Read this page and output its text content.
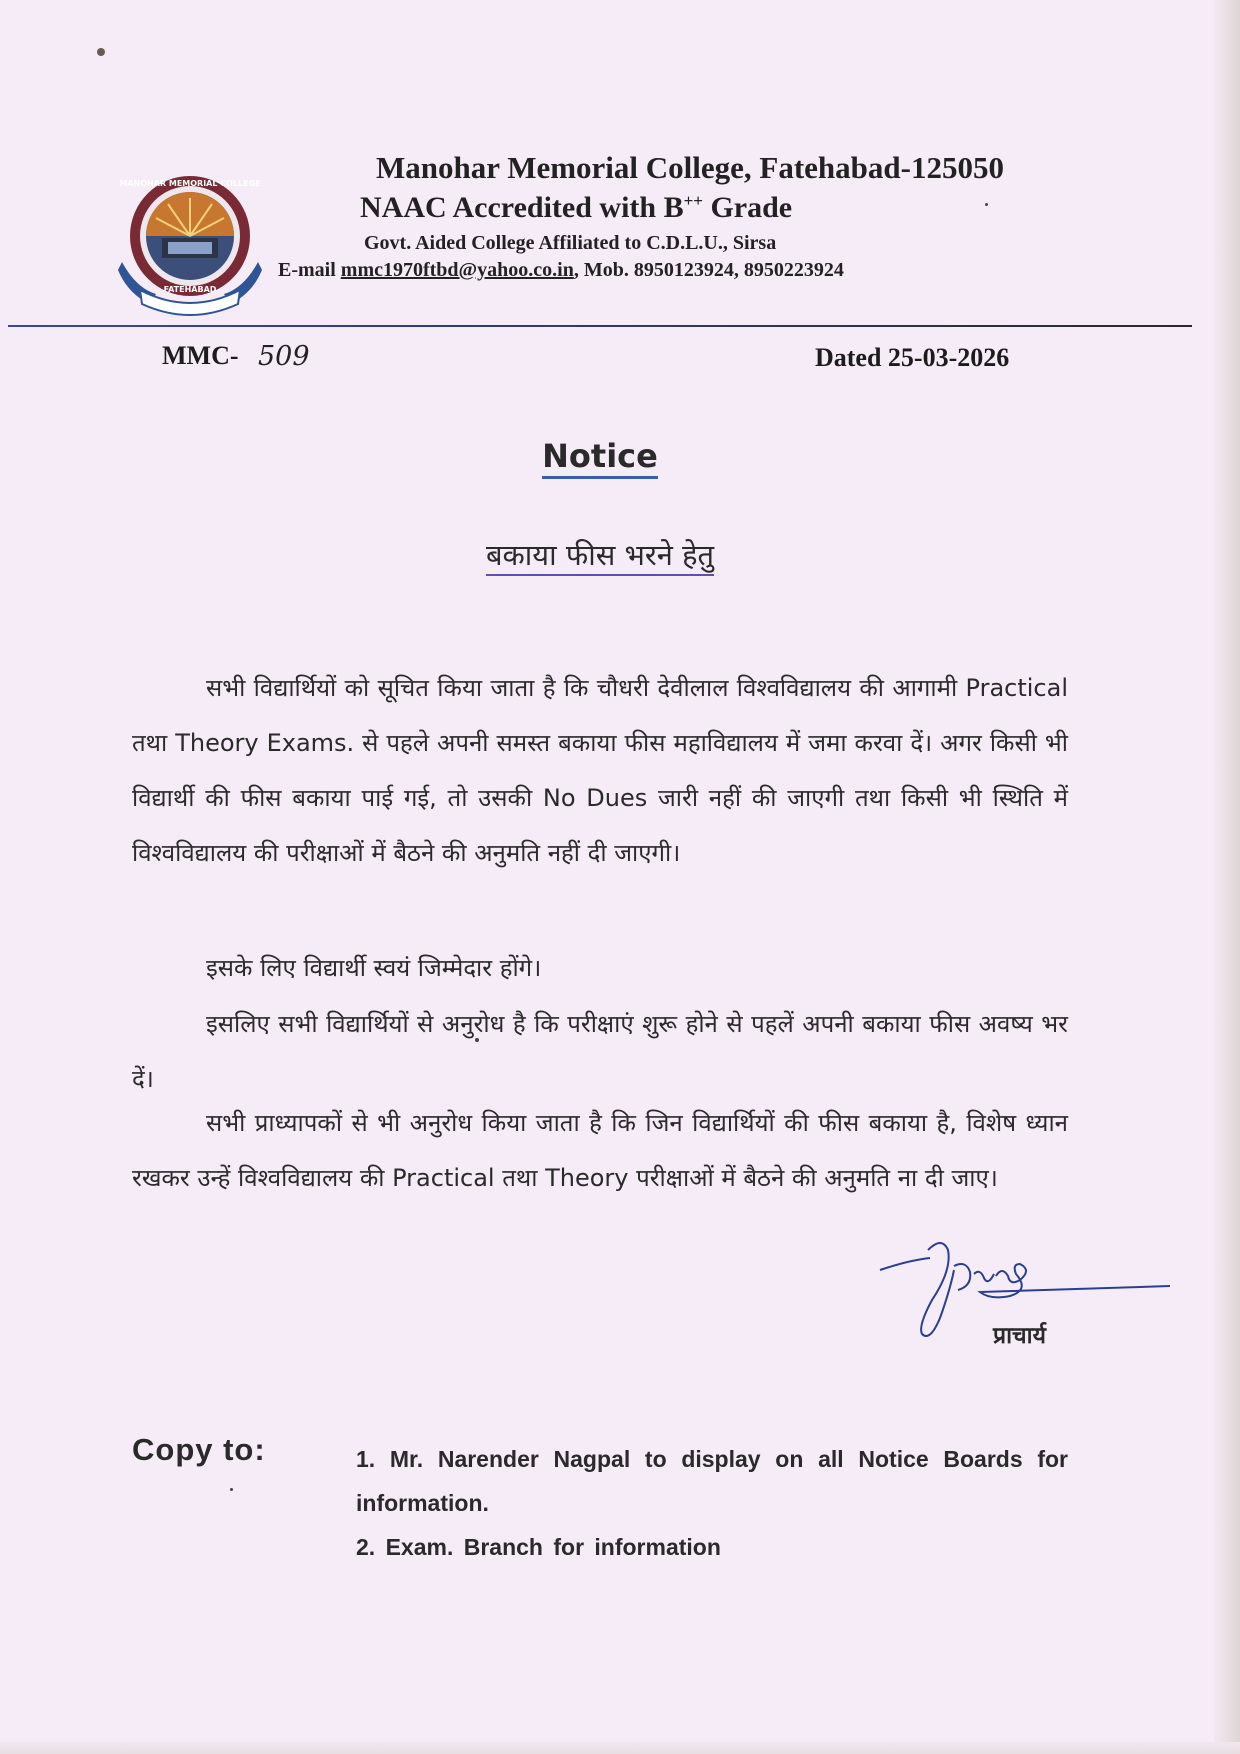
MANOHAR MEMORIAL COLLEGE
FATEHABAD
Manohar Memorial College, Fatehabad-125050
NAAC Accredited with B++ Grade
Govt. Aided College Affiliated to C.D.L.U., Sirsa
E-mail mmc1970ftbd@yahoo.co.in, Mob. 8950123924, 8950223924
MMC- 509	Dated 25-03-2026
Notice
बकाया फीस भरने हेतु
सभी विद्यार्थियों को सूचित किया जाता है कि चौधरी देवीलाल विश्वविद्यालय की आगामी Practical तथा Theory Exams. से पहले अपनी समस्त बकाया फीस महाविद्यालय में जमा करवा दें। अगर किसी भी विद्यार्थी की फीस बकाया पाई गई, तो उसकी No Dues जारी नहीं की जाएगी तथा किसी भी स्थिति में विश्वविद्यालय की परीक्षाओं में बैठने की अनुमति नहीं दी जाएगी।
इसके लिए विद्यार्थी स्वयं जिम्मेदार होंगे।
इसलिए सभी विद्यार्थियों से अनुरोध है कि परीक्षाएं शुरू होने से पहलें अपनी बकाया फीस अवष्य भर दें।
सभी प्राध्यापकों से भी अनुरोध किया जाता है कि जिन विद्यार्थियों की फीस बकाया है, विशेष ध्यान रखकर उन्हें विश्वविद्यालय की Practical तथा Theory परीक्षाओं में बैठने की अनुमति ना दी जाए।
प्राचार्य
Copy to:	1. Mr. Narender Nagpal to display on all Notice Boards for information.
2. Exam. Branch for information
